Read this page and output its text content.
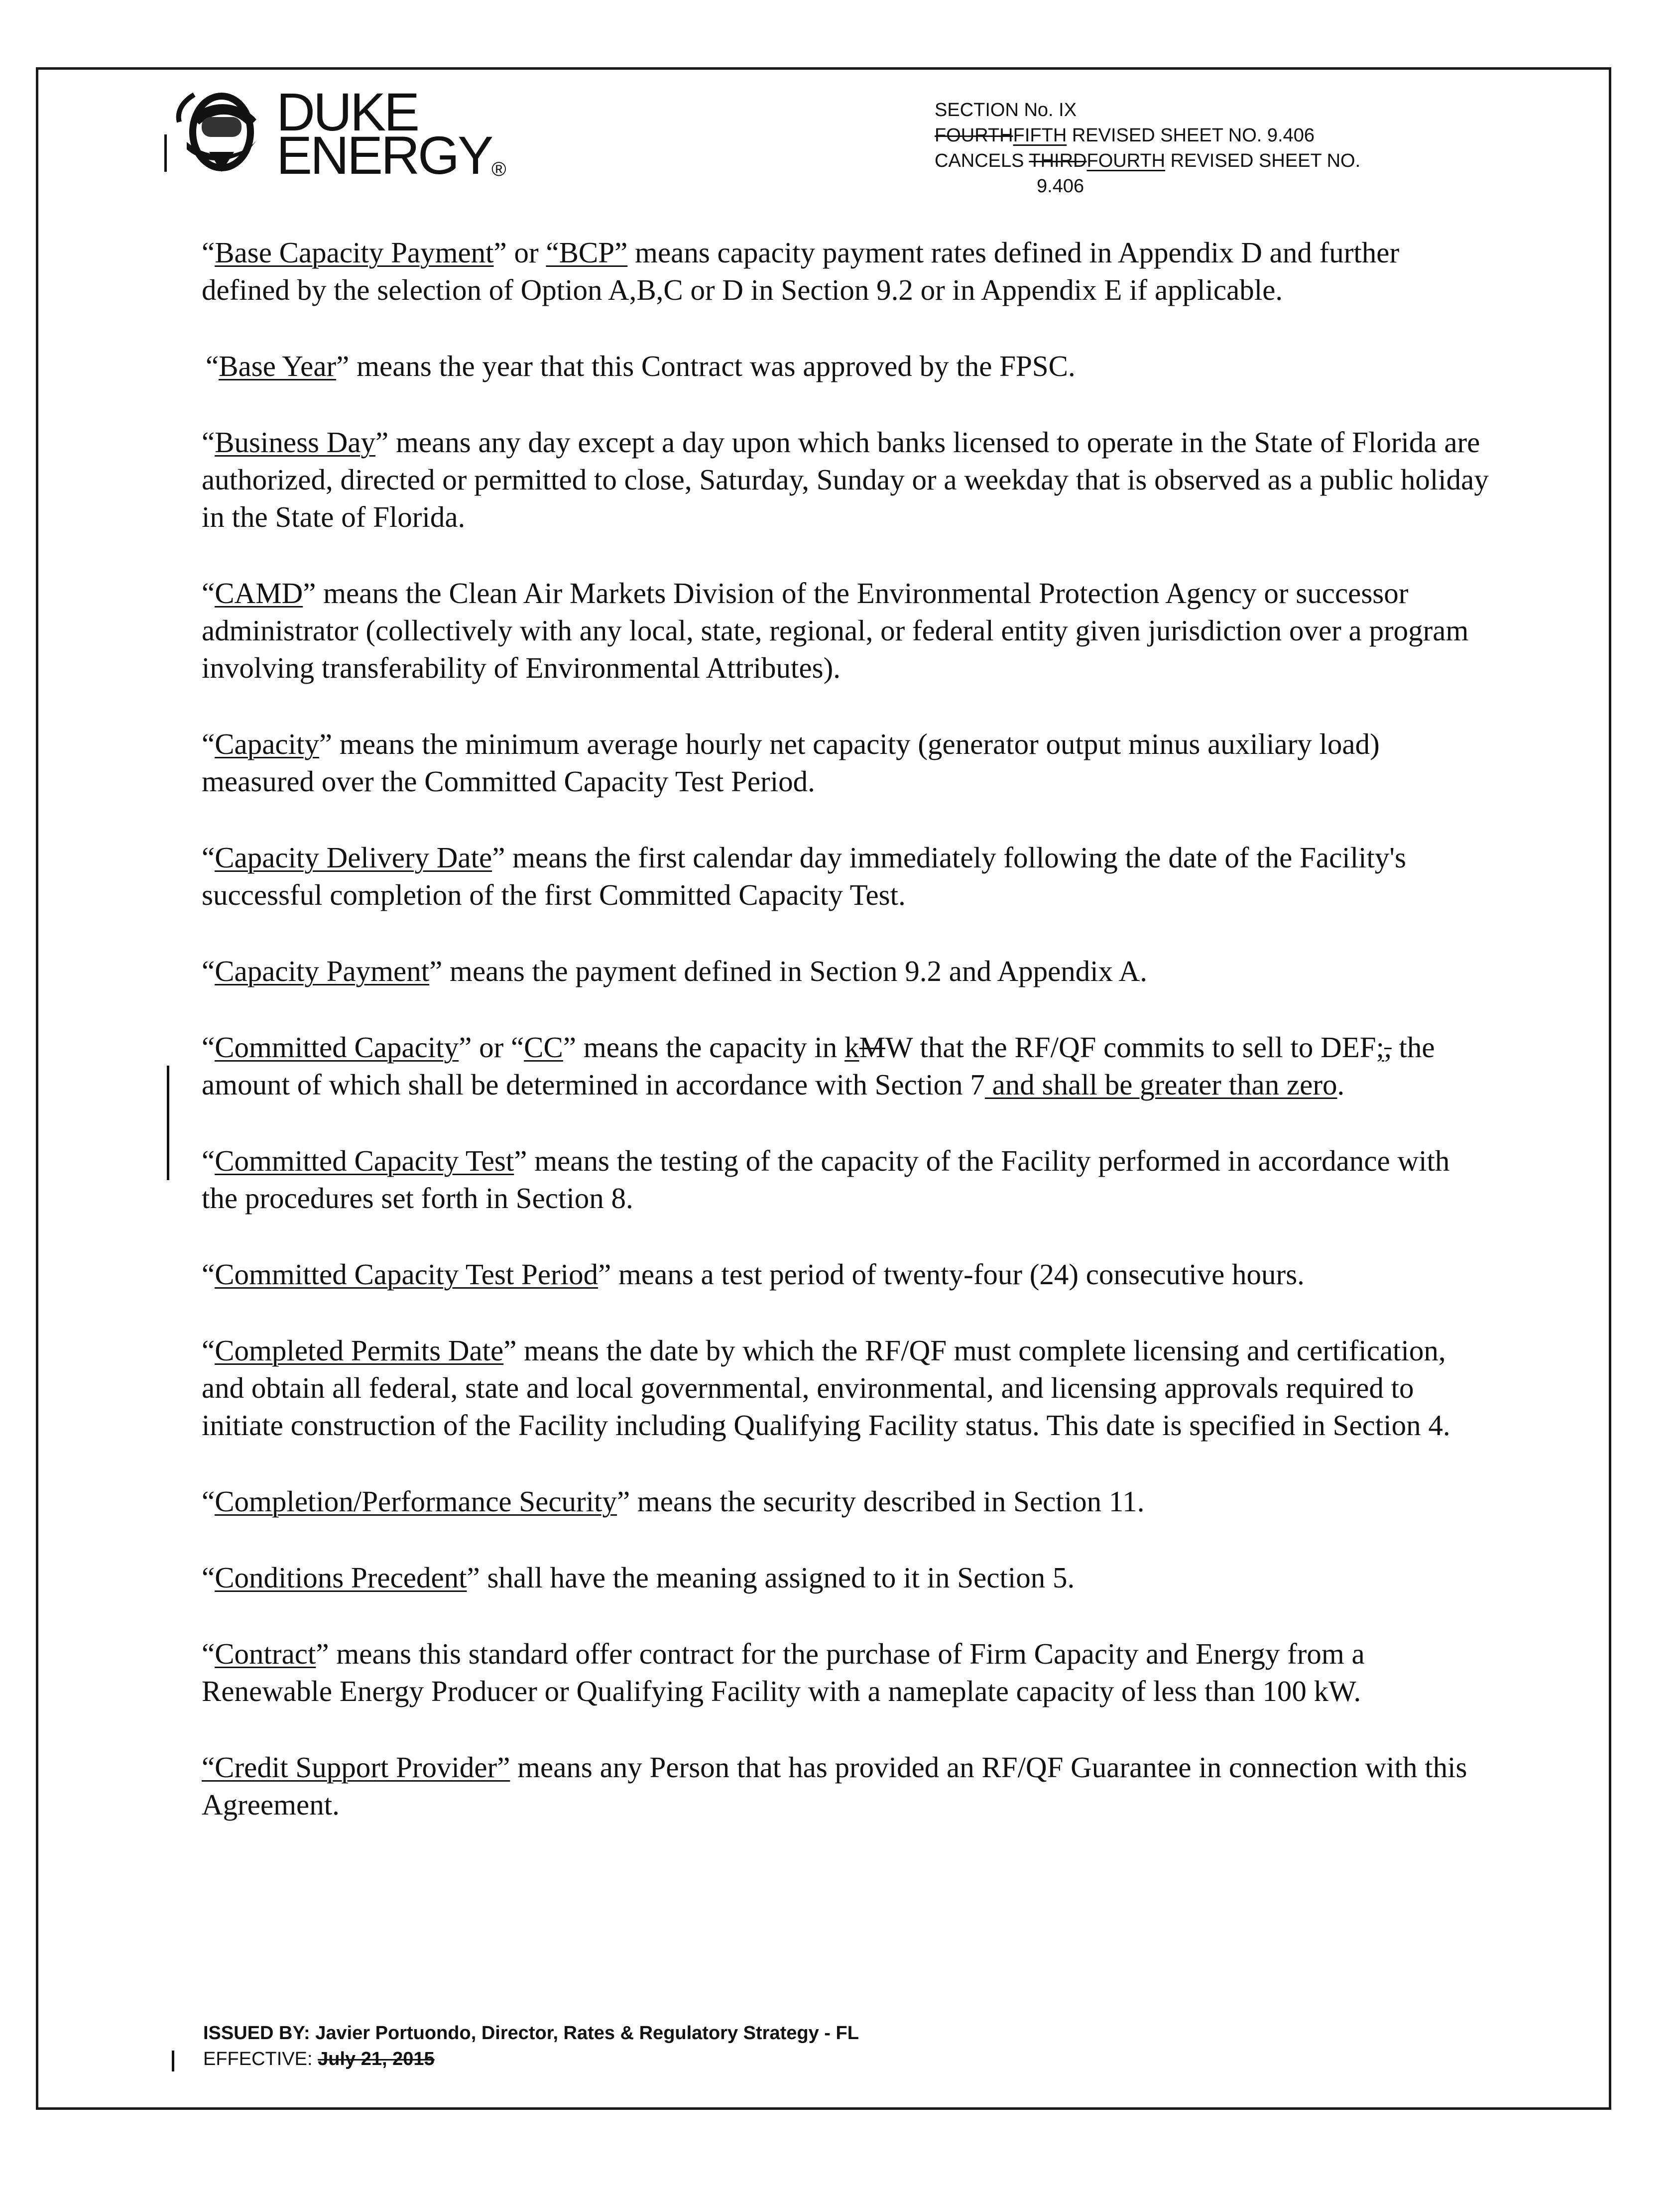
DUKE
ENERGY®
SECTION No. IX
FOURTHFIFTH REVISED SHEET NO. 9.406
CANCELS THIRDFOURTH REVISED SHEET NO.
9.406

“Base Capacity Payment” or “BCP” means capacity payment rates defined in Appendix D and further defined by the selection of Option A,B,C or D in Section 9.2 or in Appendix E if applicable.

“Base Year” means the year that this Contract was approved by the FPSC.

“Business Day” means any day except a day upon which banks licensed to operate in the State of Florida are authorized, directed or permitted to close, Saturday, Sunday or a weekday that is observed as a public holiday in the State of Florida.

“CAMD” means the Clean Air Markets Division of the Environmental Protection Agency or successor administrator (collectively with any local, state, regional, or federal entity given jurisdiction over a program involving transferability of Environmental Attributes).

“Capacity” means the minimum average hourly net capacity (generator output minus auxiliary load) measured over the Committed Capacity Test Period.

“Capacity Delivery Date” means the first calendar day immediately following the date of the Facility's successful completion of the first Committed Capacity Test.

“Capacity Payment” means the payment defined in Section 9.2 and Appendix A.

“Committed Capacity” or “CC” means the capacity in kMW that the RF/QF commits to sell to DEF;, the amount of which shall be determined in accordance with Section 7 and shall be greater than zero.

“Committed Capacity Test” means the testing of the capacity of the Facility performed in accordance with the procedures set forth in Section 8.

“Committed Capacity Test Period” means a test period of twenty-four (24) consecutive hours.

“Completed Permits Date” means the date by which the RF/QF must complete licensing and certification, and obtain all federal, state and local governmental, environmental, and licensing approvals required to initiate construction of the Facility including Qualifying Facility status. This date is specified in Section 4.

“Completion/Performance Security” means the security described in Section 11.

“Conditions Precedent” shall have the meaning assigned to it in Section 5.

“Contract” means this standard offer contract for the purchase of Firm Capacity and Energy from a Renewable Energy Producer or Qualifying Facility with a nameplate capacity of less than 100 kW.

“Credit Support Provider” means any Person that has provided an RF/QF Guarantee in connection with this Agreement.

ISSUED BY: Javier Portuondo, Director, Rates & Regulatory Strategy - FL
EFFECTIVE: July 21, 2015
